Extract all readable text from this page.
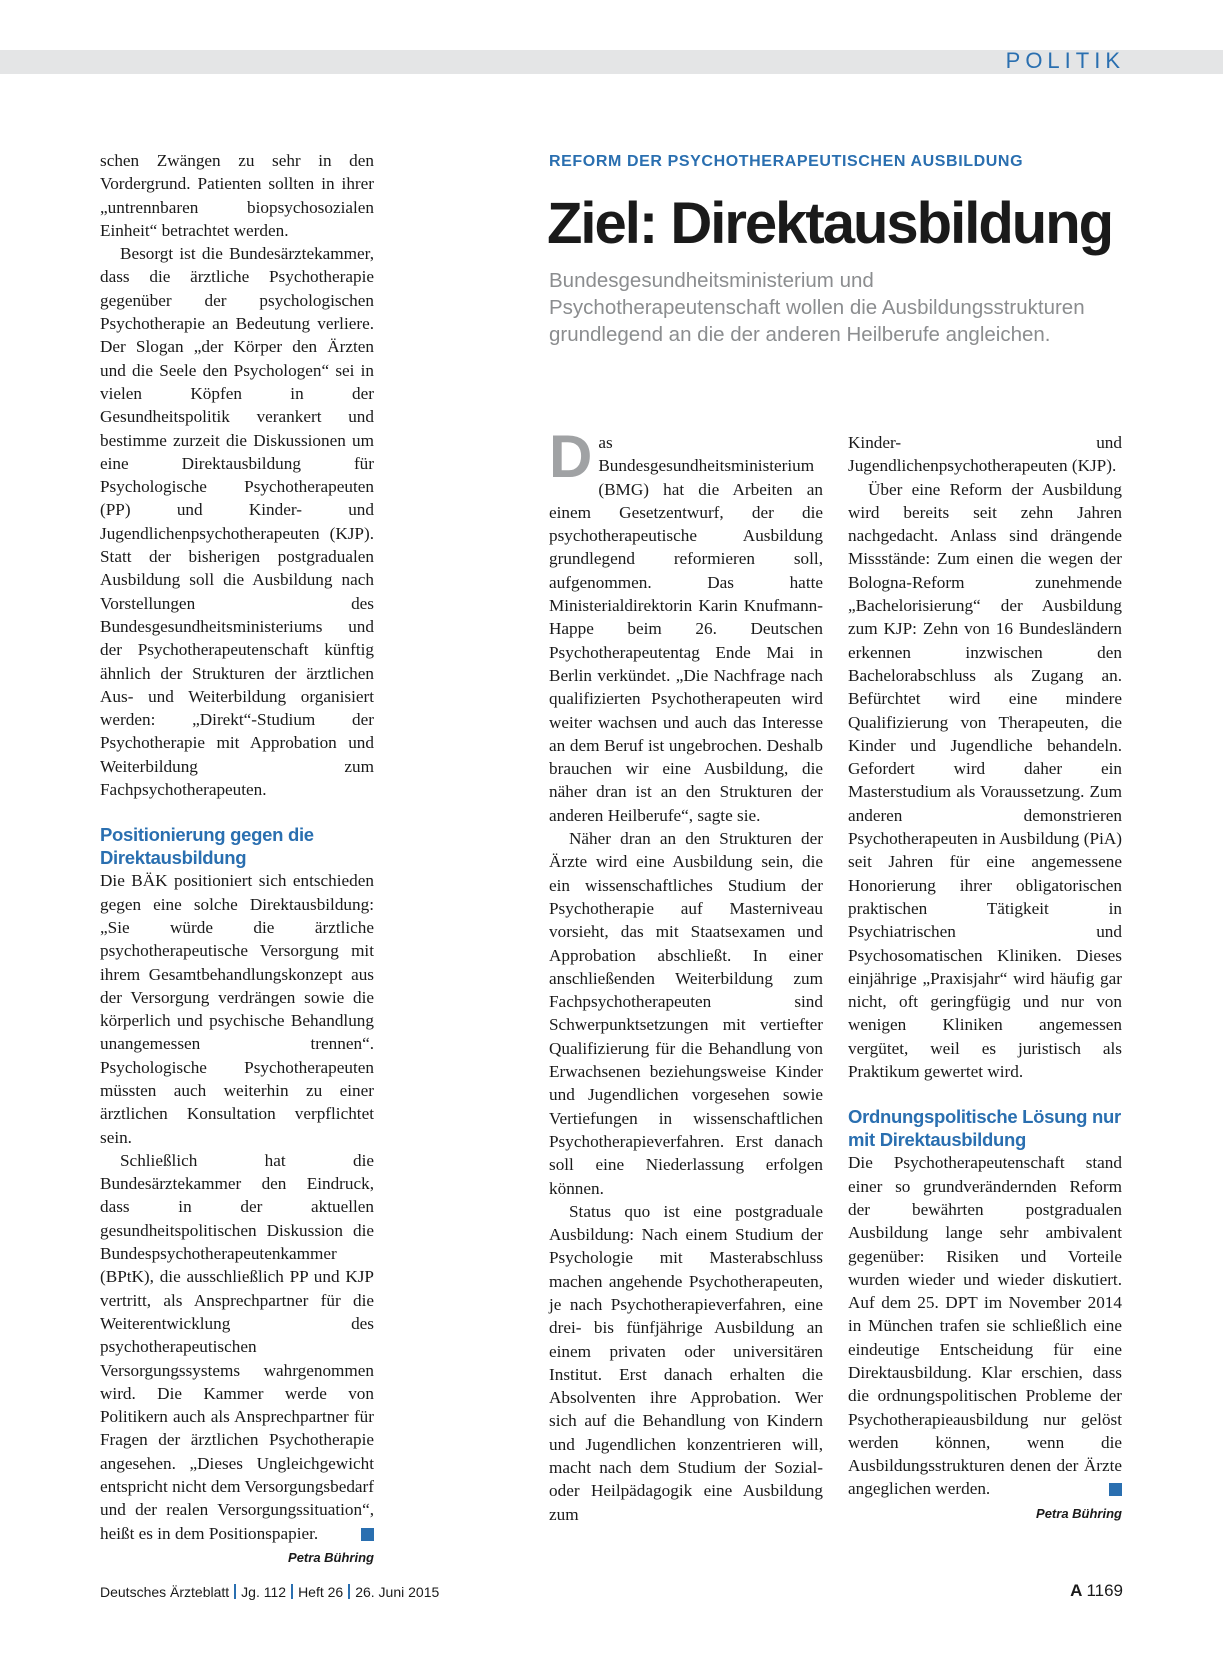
POLITIK

schen Zwängen zu sehr in den Vordergrund. Patienten sollten in ihrer „untrennbaren biopsychosozialen Einheit“ betrachtet werden.

Besorgt ist die Bundesärztekammer, dass die ärztliche Psychotherapie gegenüber der psychologischen Psychotherapie an Bedeutung verliere. Der Slogan „der Körper den Ärzten und die Seele den Psychologen“ sei in vielen Köpfen in der Gesundheitspolitik verankert und bestimme zurzeit die Diskussionen um eine Direktausbildung für Psychologische Psychotherapeuten (PP) und Kinder- und Jugendlichenpsychotherapeuten (KJP). Statt der bisherigen postgradualen Ausbildung soll die Ausbildung nach Vorstellungen des Bundesgesundheitsministeriums und der Psychotherapeutenschaft künftig ähnlich der Strukturen der ärztlichen Aus- und Weiterbildung organisiert werden: „Direkt“-Studium der Psychotherapie mit Approbation und Weiterbildung zum Fachpsychotherapeuten.

Positionierung gegen die Direktausbildung

Die BÄK positioniert sich entschieden gegen eine solche Direktausbildung: „Sie würde die ärztliche psychotherapeutische Versorgung mit ihrem Gesamtbehandlungskonzept aus der Versorgung verdrängen sowie die körperlich und psychische Behandlung unangemessen trennen“. Psychologische Psychotherapeuten müssten auch weiterhin zu einer ärztlichen Konsultation verpflichtet sein.

Schließlich hat die Bundesärztekammer den Eindruck, dass in der aktuellen gesundheitspolitischen Diskussion die Bundespsychotherapeutenkammer (BPtK), die ausschließlich PP und KJP vertritt, als Ansprechpartner für die Weiterentwicklung des psychotherapeutischen Versorgungssystems wahrgenommen wird. Die Kammer werde von Politikern auch als Ansprechpartner für Fragen der ärztlichen Psychotherapie angesehen. „Dieses Ungleichgewicht entspricht nicht dem Versorgungsbedarf und der realen Versorgungssituation“, heißt es in dem Positionspapier.

Petra Bühring
REFORM DER PSYCHOTHERAPEUTISCHEN AUSBILDUNG
Ziel: Direktausbildung
Bundesgesundheitsministerium und Psychotherapeutenschaft wollen die Ausbildungsstrukturen grundlegend an die der anderen Heilberufe angleichen.

Das Bundesgesundheitsministerium (BMG) hat die Arbeiten an einem Gesetzentwurf, der die psychotherapeutische Ausbildung grundlegend reformieren soll, aufgenommen. Das hatte Ministerialdirektorin Karin Knufmann-Happe beim 26. Deutschen Psychotherapeutentag Ende Mai in Berlin verkündet. „Die Nachfrage nach qualifizierten Psychotherapeuten wird weiter wachsen und auch das Interesse an dem Beruf ist ungebrochen. Deshalb brauchen wir eine Ausbildung, die näher dran ist an den Strukturen der anderen Heilberufe“, sagte sie.

Näher dran an den Strukturen der Ärzte wird eine Ausbildung sein, die ein wissenschaftliches Studium der Psychotherapie auf Masterniveau vorsieht, das mit Staatsexamen und Approbation abschließt. In einer anschließenden Weiterbildung zum Fachpsychotherapeuten sind Schwerpunktsetzungen mit vertiefter Qualifizierung für die Behandlung von Erwachsenen beziehungsweise Kinder und Jugendlichen vorgesehen sowie Vertiefungen in wissenschaftlichen Psychotherapieverfahren. Erst danach soll eine Niederlassung erfolgen können.

Status quo ist eine postgraduale Ausbildung: Nach einem Studium der Psychologie mit Masterabschluss machen angehende Psychotherapeuten, je nach Psychotherapieverfahren, eine drei- bis fünfjährige Ausbildung an einem privaten oder universitären Institut. Erst danach erhalten die Absolventen ihre Approbation. Wer sich auf die Behandlung von Kindern und Jugendlichen konzentrieren will, macht nach dem Studium der Sozial- oder Heilpädagogik eine Ausbildung zum

Kinder- und Jugendlichenpsychotherapeuten (KJP).

Über eine Reform der Ausbildung wird bereits seit zehn Jahren nachgedacht. Anlass sind drängende Missstände: Zum einen die wegen der Bologna-Reform zunehmende „Bachelorisierung“ der Ausbildung zum KJP: Zehn von 16 Bundesländern erkennen inzwischen den Bachelorabschluss als Zugang an. Befürchtet wird eine mindere Qualifizierung von Therapeuten, die Kinder und Jugendliche behandeln. Gefordert wird daher ein Masterstudium als Voraussetzung. Zum anderen demonstrieren Psychotherapeuten in Ausbildung (PiA) seit Jahren für eine angemessene Honorierung ihrer obligatorischen praktischen Tätigkeit in Psychiatrischen und Psychosomatischen Kliniken. Dieses einjährige „Praxisjahr“ wird häufig gar nicht, oft geringfügig und nur von wenigen Kliniken angemessen vergütet, weil es juristisch als Praktikum gewertet wird.

Ordnungspolitische Lösung nur mit Direktausbildung

Die Psychotherapeutenschaft stand einer so grundverändernden Reform der bewährten postgradualen Ausbildung lange sehr ambivalent gegenüber: Risiken und Vorteile wurden wieder und wieder diskutiert. Auf dem 25. DPT im November 2014 in München trafen sie schließlich eine eindeutige Entscheidung für eine Direktausbildung. Klar erschien, dass die ordnungspolitischen Probleme der Psychotherapieausbildung nur gelöst werden können, wenn die Ausbildungsstrukturen denen der Ärzte angeglichen werden.

Petra Bühring
Deutsches Ärzteblatt Jg. 112 Heft 26 26. Juni 2015	A 1169
